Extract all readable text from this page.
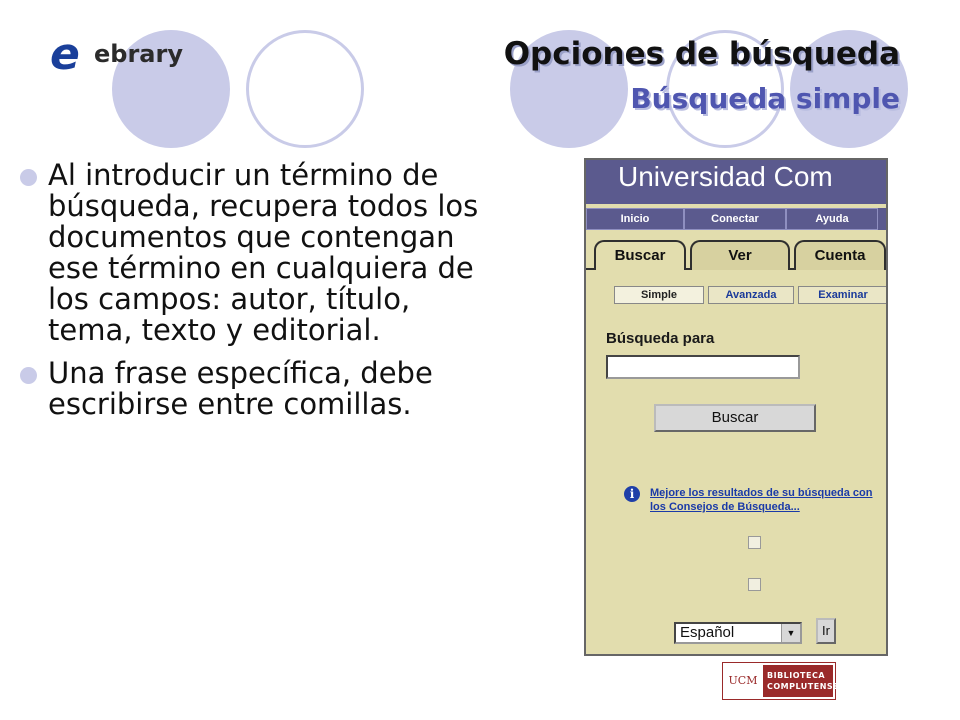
e ebrary	Opciones de búsqueda
Búsqueda simple
Al introducir un término de búsqueda, recupera todos los documentos que contengan ese término en cualquiera de los campos: autor, título, tema, texto y editorial.
Una frase específica, debe escribirse entre comillas.
Universidad Com
Inicio	Conectar	Ayuda
Buscar	Ver	Cuenta
Simple	Avanzada	Examinar
Búsqueda para
Buscar
i	Mejore los resultados de su búsqueda con los Consejos de Búsqueda...
Español	▼	Ir
UCM	BIBLIOTECA
COMPLUTENSE
